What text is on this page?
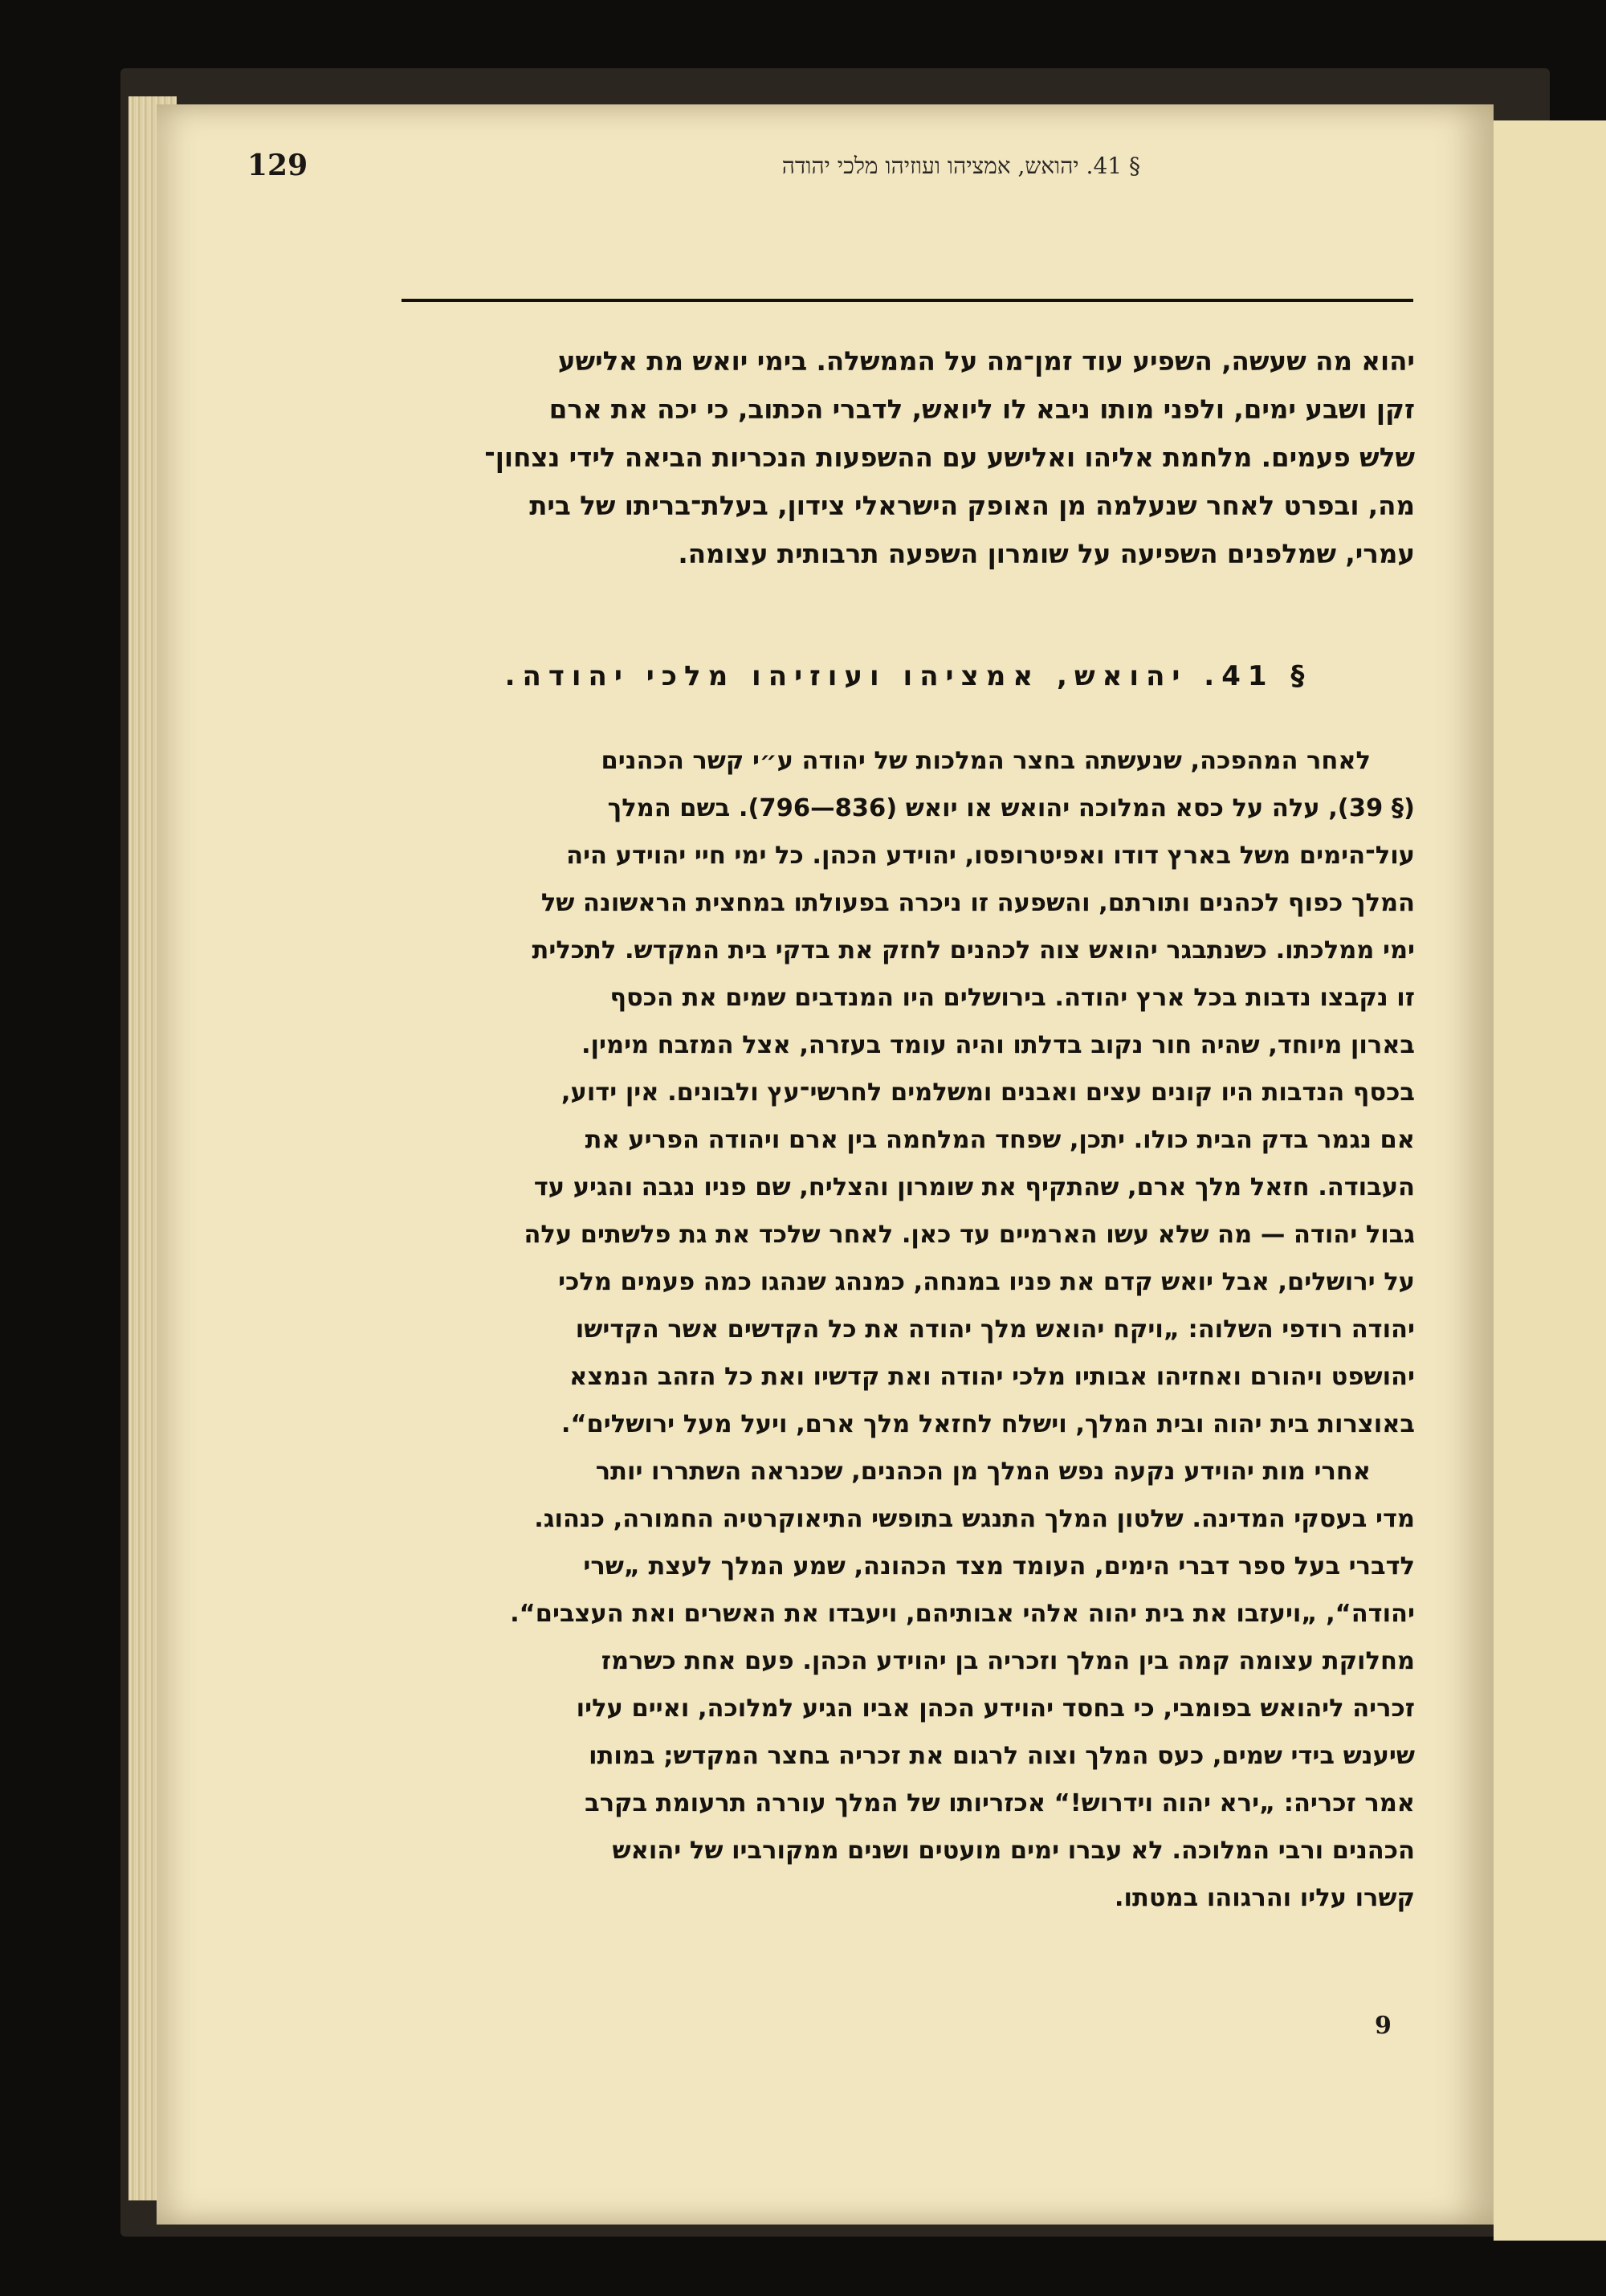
129	§ 41. יהואש, אמציהו ועוזיהו מלכי יהודה
יהוא מה שעשה, השפיע עוד זמן־מה על הממשלה. בימי יואש מת אלישע
זקן ושבע ימים, ולפני מותו ניבא לו ליואש, לדברי הכתוב, כי יכה את ארם
שלש פעמים. מלחמת אליהו ואלישע עם ההשפעות הנכריות הביאה לידי נצחון־
מה, ובפרט לאחר שנעלמה מן האופק הישראלי צידון, בעלת־בריתו של בית
עמרי, שמלפנים השפיעה על שומרון השפעה תרבותית עצומה.
§ 41. יהואש, אמציהו ועוזיהו מלכי יהודה.
לאחר המהפכה, שנעשתה בחצר המלכות של יהודה ע״י קשר הכהנים
(§ 39), עלה על כסא המלוכה יהואש או יואש (836—796). בשם המלך
עול־הימים משל בארץ דודו ואפיטרופסו, יהוידע הכהן. כל ימי חיי יהוידע היה
המלך כפוף לכהנים ותורתם, והשפעה זו ניכרה בפעולתו במחצית הראשונה של
ימי ממלכתו. כשנתבגר יהואש צוה לכהנים לחזק את בדקי בית המקדש. לתכלית
זו נקבצו נדבות בכל ארץ יהודה. בירושלים היו המנדבים שמים את הכסף
בארון מיוחד, שהיה חור נקוב בדלתו והיה עומד בעזרה, אצל המזבח מימין.
בכסף הנדבות היו קונים עצים ואבנים ומשלמים לחרשי־עץ ולבונים. אין ידוע,
אם נגמר בדק הבית כולו. יתכן, שפחד המלחמה בין ארם ויהודה הפריע את
העבודה. חזאל מלך ארם, שהתקיף את שומרון והצליח, שם פניו נגבה והגיע עד
גבול יהודה — מה שלא עשו הארמיים עד כאן. לאחר שלכד את גת פלשתים עלה
על ירושלים, אבל יואש קדם את פניו במנחה, כמנהג שנהגו כמה פעמים מלכי
יהודה רודפי השלוה: „ויקח יהואש מלך יהודה את כל הקדשים אשר הקדישו
יהושפט ויהורם ואחזיהו אבותיו מלכי יהודה ואת קדשיו ואת כל הזהב הנמצא
באוצרות בית יהוה ובית המלך, וישלח לחזאל מלך ארם, ויעל מעל ירושלים“.
אחרי מות יהוידע נקעה נפש המלך מן הכהנים, שכנראה השתררו יותר
מדי בעסקי המדינה. שלטון המלך התנגש בתופשי התיאוקרטיה החמורה, כנהוג.
לדברי בעל ספר דברי הימים, העומד מצד הכהונה, שמע המלך לעצת „שרי
יהודה“, „ויעזבו את בית יהוה אלהי אבותיהם, ויעבדו את האשרים ואת העצבים“.
מחלוקת עצומה קמה בין המלך וזכריה בן יהוידע הכהן. פעם אחת כשרמז
זכריה ליהואש בפומבי, כי בחסד יהוידע הכהן אביו הגיע למלוכה, ואיים עליו
שיענש בידי שמים, כעס המלך וצוה לרגום את זכריה בחצר המקדש; במותו
אמר זכריה: „ירא יהוה וידרוש!“ אכזריותו של המלך עוררה תרעומת בקרב
הכהנים ורבי המלוכה. לא עברו ימים מועטים ושנים ממקורביו של יהואש
קשרו עליו והרגוהו במטתו.
9
